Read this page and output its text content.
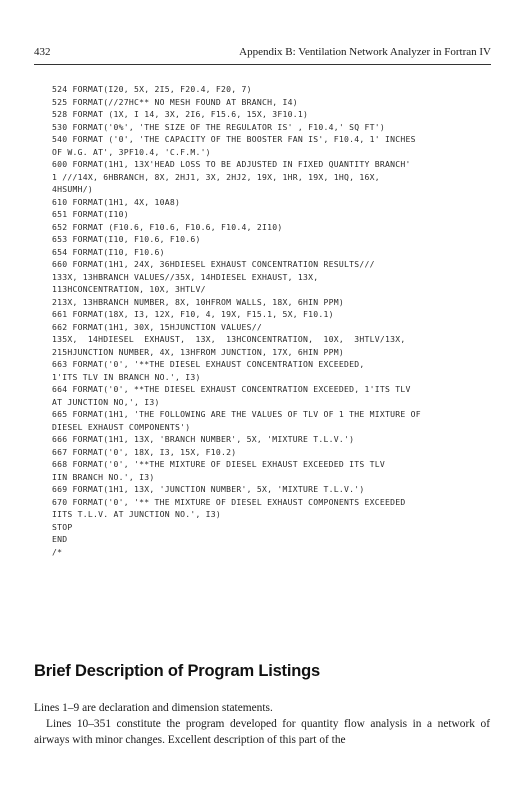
432	Appendix B: Ventilation Network Analyzer in Fortran IV
524 FORMAT(I20, 5X, 2I5, F20.4, F20, 7)
525 FORMAT(//27HC** NO MESH FOUND AT BRANCH, I4)
528 FORMAT (1X, I 14, 3X, 2I6, F15.6, 15X, 3F10.1)
530 FORMAT('0%', 'THE SIZE OF THE REGULATOR IS' , F10.4,' SQ FT')
540 FORMAT ('0', 'THE CAPACITY OF THE BOOSTER FAN IS', F10.4, 1' INCHES
OF W.G. AT', 3PF10.4, 'C.F.M.')
600 FORMAT(1H1, 13X'HEAD LOSS TO BE ADJUSTED IN FIXED QUANTITY BRANCH'
1 ///14X, 6HBRANCH, 8X, 2HJ1, 3X, 2HJ2, 19X, 1HR, 19X, 1HQ, 16X,
4HSUMH/)
610 FORMAT(1H1, 4X, 10A8)
651 FORMAT(I10)
652 FORMAT (F10.6, F10.6, F10.6, F10.4, 2I10)
653 FORMAT(I10, F10.6, F10.6)
654 FORMAT(I10, F10.6)
660 FORMAT(1H1, 24X, 36HDIESEL EXHAUST CONCENTRATION RESULTS///
133X, 13HBRANCH VALUES//35X, 14HDIESEL EXHAUST, 13X,
113HCONCENTRATION, 10X, 3HTLV/
213X, 13HBRANCH NUMBER, 8X, 10HFROM WALLS, 18X, 6HIN PPM)
661 FORMAT(18X, I3, 12X, F10, 4, 19X, F15.1, 5X, F10.1)
662 FORMAT(1H1, 30X, 15HJUNCTION VALUES//
135X,  14HDIESEL  EXHAUST,  13X,  13HCONCENTRATION,  10X,  3HTLV/13X,
215HJUNCTION NUMBER, 4X, 13HFROM JUNCTION, 17X, 6HIN PPM)
663 FORMAT('0', '**THE DIESEL EXHAUST CONCENTRATION EXCEEDED,
1'ITS TLV IN BRANCH NO.', I3)
664 FORMAT('0', **THE DIESEL EXHAUST CONCENTRATION EXCEEDED, 1'ITS TLV
AT JUNCTION NO,', I3)
665 FORMAT(1H1, 'THE FOLLOWING ARE THE VALUES OF TLV OF 1 THE MIXTURE OF
DIESEL EXHAUST COMPONENTS')
666 FORMAT(1H1, 13X, 'BRANCH NUMBER', 5X, 'MIXTURE T.L.V.')
667 FORMAT('0', 18X, I3, 15X, F10.2)
668 FORMAT('0', '**THE MIXTURE OF DIESEL EXHAUST EXCEEDED ITS TLV
IIN BRANCH NO.', I3)
669 FORMAT(1H1, 13X, 'JUNCTION NUMBER', 5X, 'MIXTURE T.L.V.')
670 FORMAT('0', '** THE MIXTURE OF DIESEL EXHAUST COMPONENTS EXCEEDED
IITS T.L.V. AT JUNCTION NO.', I3)
STOP
END
/*
Brief Description of Program Listings
Lines 1–9 are declaration and dimension statements.
Lines 10–351 constitute the program developed for quantity flow analysis in a network of airways with minor changes. Excellent description of this part of the
